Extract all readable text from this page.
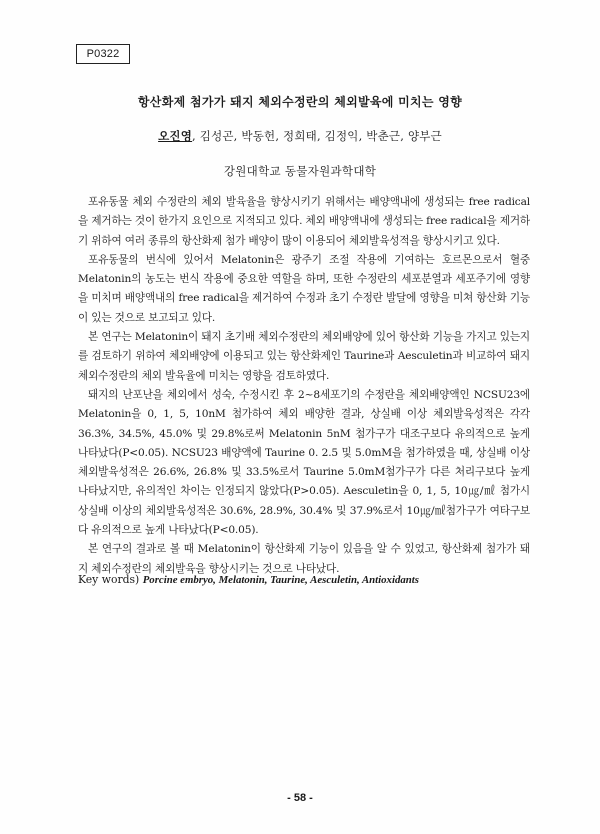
P0322
항산화제 첨가가 돼지 체외수정란의 체외발육에 미치는 영향
오진영, 김성곤, 박동헌, 정희태, 김정익, 박춘근, 양부근
강원대학교 동물자원과학대학

포유동물 체외 수정란의 체외 발육율을 향상시키기 위해서는 배양액내에 생성되는 free radical을 제거하는 것이 한가지 요인으로 지적되고 있다. 체외 배양액내에 생성되는 free radical을 제거하기 위하여 여러 종류의 항산화제 첨가 배양이 많이 이용되어 체외발육성적을 향상시키고 있다.

포유동물의 번식에 있어서 Melatonin은 광주기 조절 작용에 기여하는 호르몬으로서 혈중 Melatonin의 농도는 번식 작용에 중요한 역할을 하며, 또한 수정란의 세포분열과 세포주기에 영향을 미치며 배양액내의 free radical을 제거하여 수정과 초기 수정란 발달에 영향을 미쳐 항산화 기능이 있는 것으로 보고되고 있다.

본 연구는 Melatonin이 돼지 초기배 체외수정란의 체외배양에 있어 항산화 기능을 가지고 있는지를 검토하기 위하여 체외배양에 이용되고 있는 항산화제인 Taurine과 Aesculetin과 비교하여 돼지 체외수정란의 체외 발육율에 미치는 영향을 검토하였다.

돼지의 난포난을 체외에서 성숙, 수정시킨 후 2~8세포기의 수정란을 체외배양액인 NCSU23에 Melatonin을 0, 1, 5, 10nM 첨가하여 체외 배양한 결과, 상실배 이상 체외발육성적은 각각 36.3%, 34.5%, 45.0% 및 29.8%로써 Melatonin 5nM 첨가구가 대조구보다 유의적으로 높게 나타났다(P<0.05). NCSU23 배양액에 Taurine 0. 2.5 및 5.0mM을 첨가하였을 때, 상실배 이상 체외발육성적은 26.6%, 26.8% 및 33.5%로서 Taurine 5.0mM첨가구가 다른 처리구보다 높게 나타났지만, 유의적인 차이는 인정되지 않았다(P>0.05). Aesculetin을 0, 1, 5, 10㎍/㎖ 첨가시 상실배 이상의 체외발육성적은 30.6%, 28.9%, 30.4% 및 37.9%로서 10㎍/㎖첨가구가 여타구보다 유의적으로 높게 나타났다(P<0.05).

본 연구의 결과로 볼 때 Melatonin이 항산화제 기능이 있음을 알 수 있었고, 항산화제 첨가가 돼지 체외수정란의 체외발육을 향상시키는 것으로 나타났다.

Key words) Porcine embryo, Melatonin, Taurine, Aesculetin, Antioxidants
- 58 -
